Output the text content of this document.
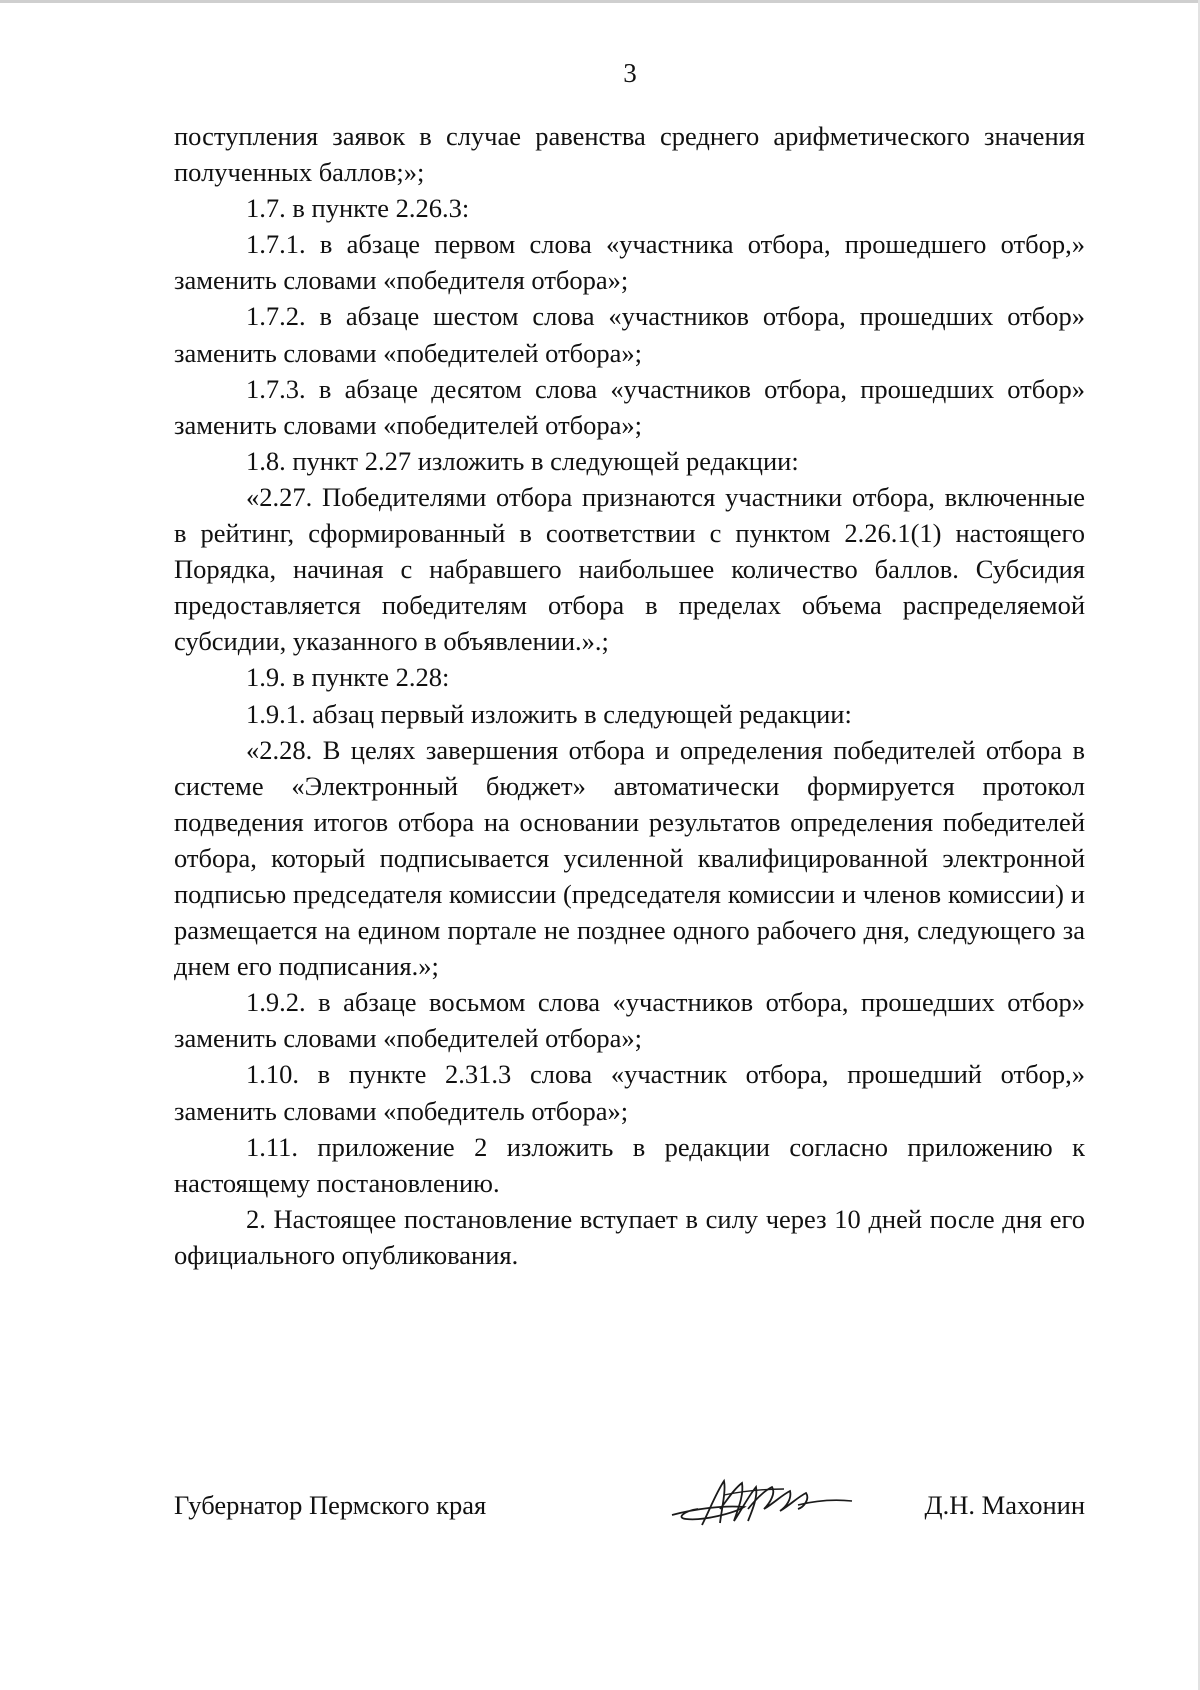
3

поступления заявок в случае равенства среднего арифметического значения полученных баллов;»;

1.7. в пункте 2.26.3:

1.7.1. в абзаце первом слова «участника отбора, прошедшего отбор,» заменить словами «победителя отбора»;

1.7.2. в абзаце шестом слова «участников отбора, прошедших отбор» заменить словами «победителей отбора»;

1.7.3. в абзаце десятом слова «участников отбора, прошедших отбор» заменить словами «победителей отбора»;

1.8. пункт 2.27 изложить в следующей редакции:

«2.27. Победителями отбора признаются участники отбора, включенные в рейтинг, сформированный в соответствии с пунктом 2.26.1(1) настоящего Порядка, начиная с набравшего наибольшее количество баллов. Субсидия предоставляется победителям отбора в пределах объема распределяемой субсидии, указанного в объявлении.».;

1.9. в пункте 2.28:

1.9.1. абзац первый изложить в следующей редакции:

«2.28. В целях завершения отбора и определения победителей отбора в системе «Электронный бюджет» автоматически формируется протокол подведения итогов отбора на основании результатов определения победителей отбора, который подписывается усиленной квалифицированной электронной подписью председателя комиссии (председателя комиссии и членов комиссии) и размещается на едином портале не позднее одного рабочего дня, следующего за днем его подписания.»;

1.9.2. в абзаце восьмом слова «участников отбора, прошедших отбор» заменить словами «победителей отбора»;

1.10. в пункте 2.31.3 слова «участник отбора, прошедший отбор,» заменить словами «победитель отбора»;

1.11. приложение 2 изложить в редакции согласно приложению к настоящему постановлению.

2. Настоящее постановление вступает в силу через 10 дней после дня его официального опубликования.

Губернатор Пермского края	Д.Н. Махонин
